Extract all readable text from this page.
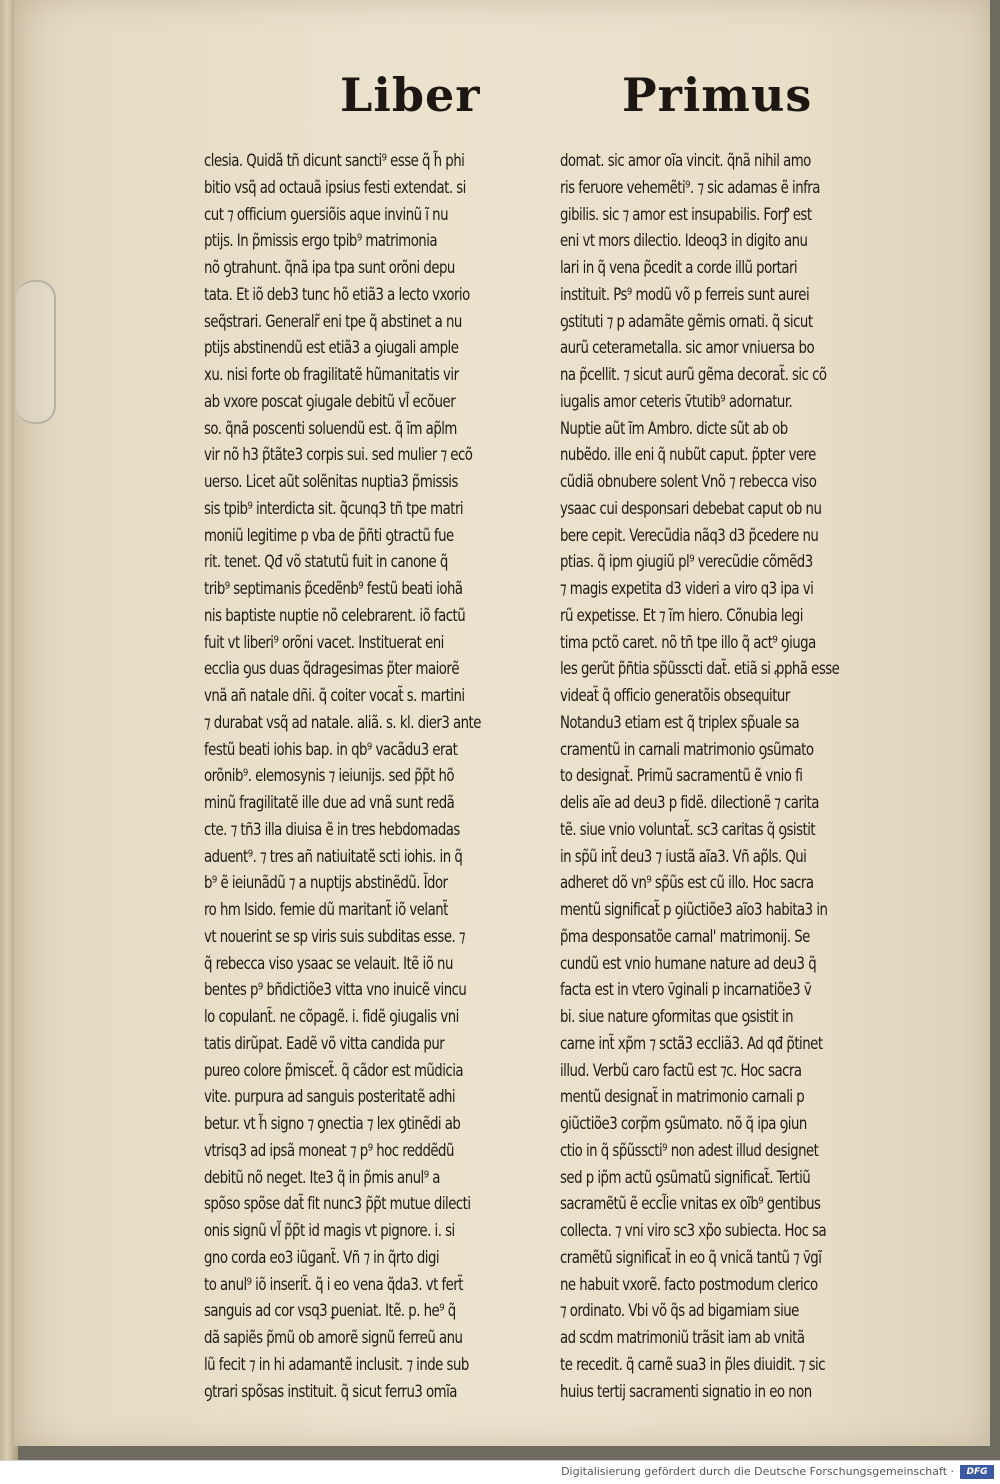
Liber	Primus
clesia. Quidã tñ dicunt sancti⁹ esse q̃ h̃ phi
bitio vsq̃ ad octauã ipsius festi extendat. si
cut ⁊ officium ꝯuersiõis aque invinũ ĩ nu
ptijs. In p̃missis ergo tpib⁹ matrimonia
nõ ꝯtrahunt. q̃nã ipa tpa sunt orõni depu
tata. Et iõ deb3 tunc hõ etiã3 a lecto vxorio
seq̃strari. Generalr̃ eni tpe q̃ abstinet a nu
ptijs abstinendũ est etiã3 a ꝯiugali ample
xu. nisi forte ob fragilitatẽ hũmanitatis vir
ab vxore poscat ꝯiugale debitũ vl̃ ecõuer
so. q̃nã poscenti soluendũ est. q̃ ĩm ap̃lm
vir nõ h3 p̃tãte3 corpis sui. sed mulier ⁊ ecõ
uerso. Licet aũt solẽnitas nuptia3 p̃missis
sis tpib⁹ interdicta sit. q̃cunq3 tñ tpe matri
moniũ legitime p vba de p̃ñti ꝯtractũ fue
rit. tenet. Qđ võ statutũ fuit in canone q̃
trib⁹ septimanis p̃cedẽnb⁹ festũ beati iohã
nis baptiste nuptie nõ celebrarent. iõ factũ
fuit vt liberi⁹ orõni vacet. Instituerat eni
ecclia ꝯus duas q̃dragesimas p̃ter maiorẽ
vnã añ natale dñi. q̃ coiter vocat̃ s. martini
⁊ durabat vsq̃ ad natale. aliã. s. kl. dier3 ante
festũ beati iohis bap. in qb⁹ vacãdu3 erat
orõnib⁹. elemosynis ⁊ ieiunijs. sed p̃p̃t hõ
minũ fragilitatẽ ille due ad vnã sunt redã
cte. ⁊ tñ3 illa diuisa ẽ in tres hebdomadas
aduent⁹. ⁊ tres añ natiuitatẽ scti iohis. in q̃
b⁹ ẽ ieiunãdũ ⁊ a nuptijs abstinẽdũ. Ĩdor
ro hm Isido. femie dũ maritant̃ iõ velant̃
vt nouerint se sp viris suis subditas esse. ⁊
q̃ rebecca viso ysaac se velauit. Itẽ iõ nu
bentes p⁹ bñdictiõe3 vitta vno inuicẽ vincu
lo copulant̃. ne cõpagẽ. i. fidẽ ꝯiugalis vni
tatis dirũpat. Eadẽ võ vitta candida pur
pureo colore p̃miscet̃. q̃ cãdor est mũdicia
vite. purpura ad sanguis posteritatẽ adhi
betur. vt h̃ signo ⁊ ꝯnectia ⁊ lex ꝯtinẽdi ab
vtrisq3 ad ipsã moneat ⁊ p⁹ hoc reddẽdũ
debitũ nõ neget. Ite3 q̃ in p̃mis anul⁹ a
spõso spõse dat̃ fit nunc3 p̃p̃t mutue dilecti
onis signũ vl̃ p̃p̃t id magis vt pignore. i. si
gno corda eo3 iũgant̃. Vñ ⁊ in q̃rto digi
to anul⁹ iõ inserit̃. q̃ i eo vena q̃da3. vt fert̃
sanguis ad cor vsq3 ꝑueniat. Itẽ. p. he⁹ q̃
dã sapiẽs p̃mũ ob amorẽ signũ ferreũ anu
lũ fecit ⁊ in hi adamantẽ inclusit. ⁊ inde sub
ꝯtrari spõsas instituit. q̃ sicut ferru3 omĩa
domat. sic amor oĩa vincit. q̃nã nihil amo
ris feruore vehemẽti⁹. ⁊ sic adamas ẽ infra
gibilis. sic ⁊ amor est insupabilis. Forꝭ est
eni vt mors dilectio. Ideoq3 in digito anu
lari in q̃ vena p̃cedit a corde illũ portari
instituit. Ps⁹ modũ võ p ferreis sunt aurei
ꝯstituti ⁊ p adamãte gẽmis ornati. q̃ sicut
aurũ ceterametalla. sic amor vniuersa bo
na p̃cellit. ⁊ sicut aurũ gẽma decorat̃. sic cõ
iugalis amor ceteris v̄tutib⁹ adornatur.
Nuptie aũt ĩm Ambro. dicte sũt ab ob
nubẽdo. ille eni q̃ nubũt caput. p̃pter vere
cũdiã obnubere solent Vnõ ⁊ rebecca viso
ysaac cui desponsari debebat caput ob nu
bere cepit. Verecũdia nãq3 d3 p̃cedere nu
ptias. q̃ ipm ꝯiugiũ pl⁹ verecũdie cõmẽd3
⁊ magis expetita d3 videri a viro q3 ipa vi
rũ expetisse. Et ⁊ ĩm hiero. Cõnubia legi
tima pctõ caret. nõ tñ tpe illo q̃ act⁹ ꝯiuga
les gerũt p̃ñtia sp̃ũsscti dat̃. etiã si ꝓphã esse
videat̃ q̃ officio generatõis obsequitur
Notandu3 etiam est q̃ triplex sp̃uale sa
cramentũ in carnali matrimonio ꝯsũmato
to designat̃. Primũ sacramentũ ẽ vnio fi
delis aĩe ad deu3 p fidẽ. dilectionẽ ⁊ carita
tẽ. siue vnio voluntat̃. sc3 caritas q̃ ꝯsistit
in sp̃ũ int̃ deu3 ⁊ iustã aĩa3. Vñ ap̃ls. Qui
adheret dõ vn⁹ sp̃ũs est cũ illo. Hoc sacra
mentũ significat̃ p ꝯiũctiõe3 aĩo3 habita3 in
p̃ma desponsatõe carnal' matrimonij. Se
cundũ est vnio humane nature ad deu3 q̃
facta est in vtero v̄ginali p incarnatiõe3 v̄
bi. siue nature ꝯformitas que ꝯsistit in
carne int̃ xp̃m ⁊ sctã3 eccliã3. Ad qđ p̃tinet
illud. Verbũ caro factũ est ⁊c. Hoc sacra
mentũ designat̃ in matrimonio carnali p
ꝯiũctiõe3 corp̃m ꝯsũmato. nõ q̃ ipa ꝯiun
ctio in q̃ sp̃ũsscti⁹ non adest illud designet
sed p ip̃m actũ ꝯsũmatũ significat̃. Tertiũ
sacramẽtũ ẽ eccl̃ie vnitas ex oĩb⁹ gentibus
collecta. ⁊ vni viro sc3 xp̃o subiecta. Hoc sa
cramẽtũ significat̃ in eo q̃ vnicã tantũ ⁊ v̄gĩ
ne habuit vxorẽ. facto postmodum clerico
⁊ ordinato. Vbi võ q̃s ad bigamiam siue
ad scdm matrimoniũ trãsit iam ab vnitã
te recedit. q̃ carnẽ sua3 in p̃les diuidit. ⁊ sic
huius tertij sacramenti signatio in eo non
Digitalisierung gefördert durch die Deutsche Forschungsgemeinschaft ·	DFG
